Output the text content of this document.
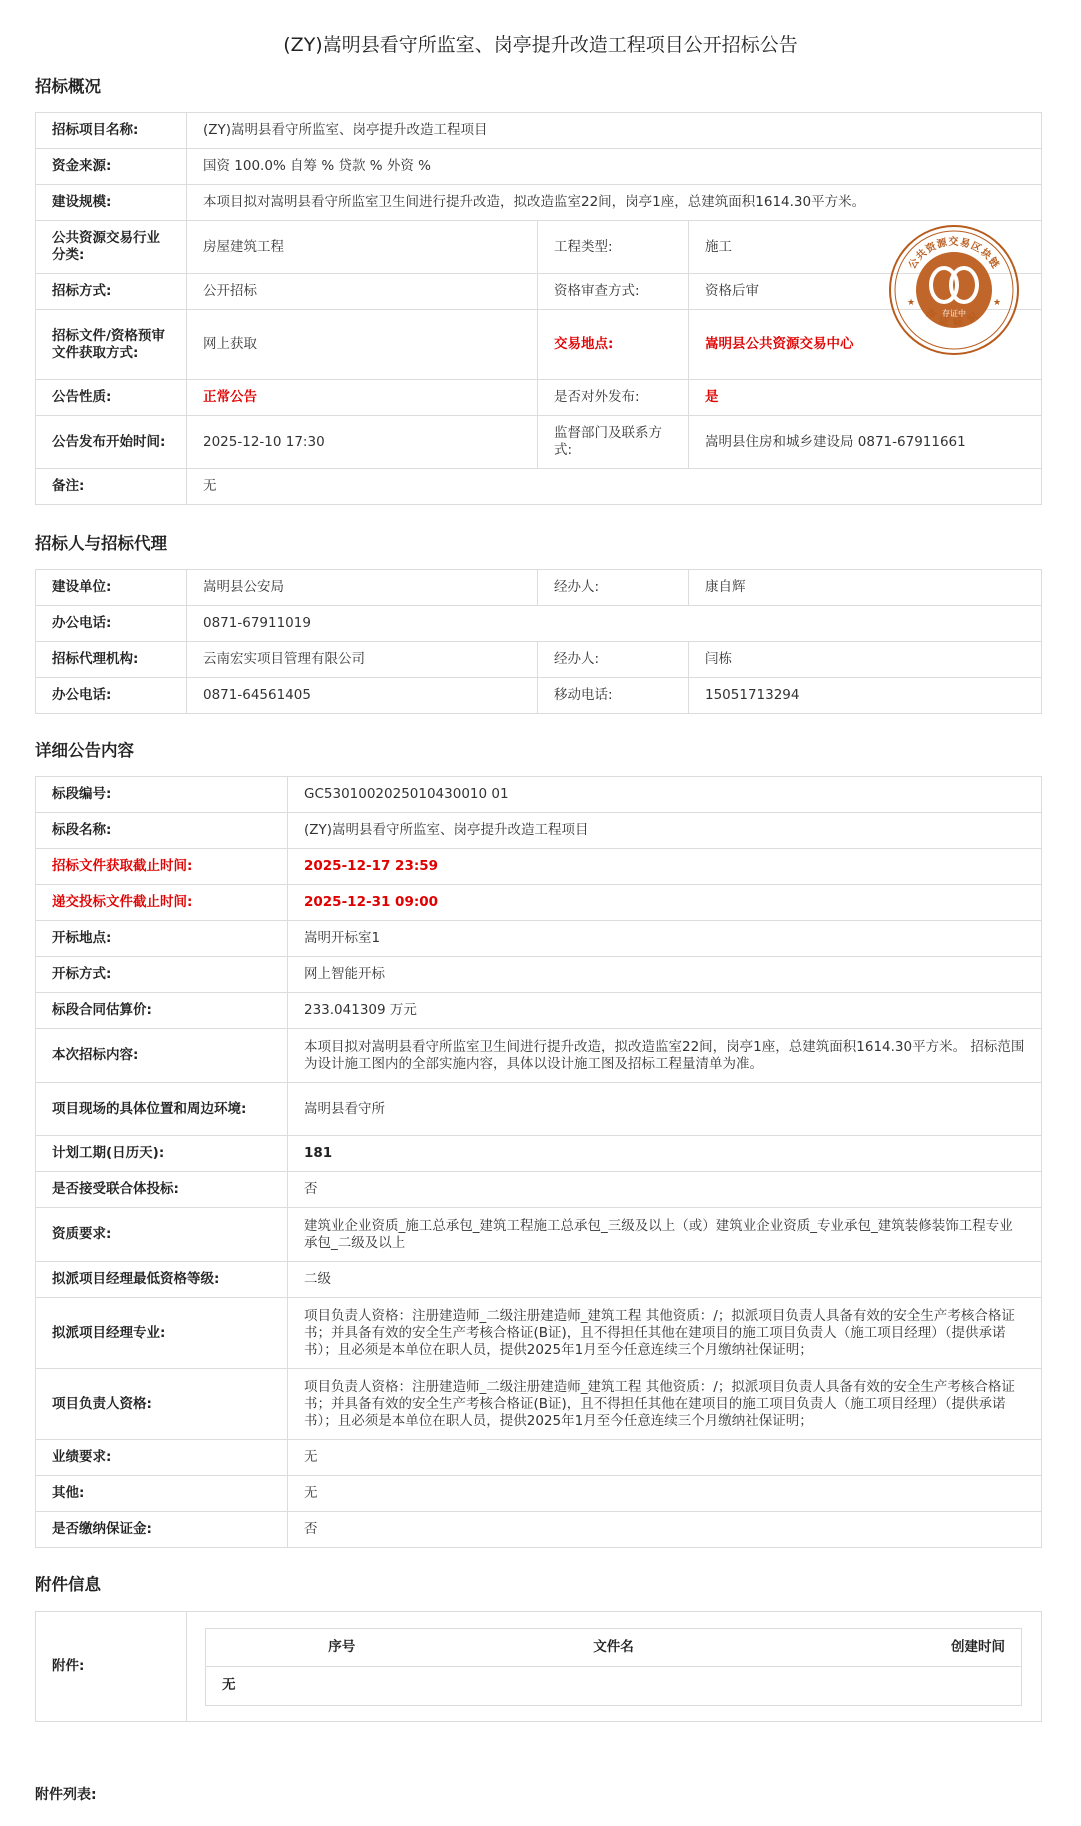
(ZY)嵩明县看守所监室、岗亭提升改造工程项目公开招标公告
招标概况
招标项目名称:	(ZY)嵩明县看守所监室、岗亭提升改造工程项目		
资金来源:	国资 100.0% 自筹 % 贷款 % 外资 %		
建设规模:	本项目拟对嵩明县看守所监室卫生间进行提升改造，拟改造监室22间，岗亭1座，总建筑面积1614.30平方米。		
公共资源交易行业分类:	房屋建筑工程	工程类型:	施工
招标方式:	公开招标	资格审查方式:	资格后审
招标文件/资格预审文件获取方式:	网上获取	交易地点:	嵩明县公共资源交易中心
公告性质:	正常公告	是否对外发布:	是
公告发布开始时间:	2025-12-10 17:30	监督部门及联系方式:	嵩明县住房和城乡建设局 0871-67911661
备注:	无		
存证中
公共资源交易区块链
存证标识
★	★
招标人与招标代理
建设单位:	嵩明县公安局	经办人:	康自辉
办公电话:	0871-67911019		
招标代理机构:	云南宏实项目管理有限公司	经办人:	闫栋
办公电话:	0871-64561405	移动电话:	15051713294
详细公告内容
标段编号:	GC5301002025010430010 01
标段名称:	(ZY)嵩明县看守所监室、岗亭提升改造工程项目
招标文件获取截止时间:	2025-12-17 23:59
递交投标文件截止时间:	2025-12-31 09:00
开标地点:	嵩明开标室1
开标方式:	网上智能开标
标段合同估算价:	233.041309 万元
本次招标内容:	本项目拟对嵩明县看守所监室卫生间进行提升改造，拟改造监室22间，岗亭1座，总建筑面积1614.30平方米。 招标范围为设计施工图内的全部实施内容，具体以设计施工图及招标工程量清单为准。
项目现场的具体位置和周边环境:	嵩明县看守所
计划工期(日历天):	181
是否接受联合体投标:	否
资质要求:	建筑业企业资质_施工总承包_建筑工程施工总承包_三级及以上（或）建筑业企业资质_专业承包_建筑装修装饰工程专业承包_二级及以上
拟派项目经理最低资格等级:	二级
拟派项目经理专业:	项目负责人资格：注册建造师_二级注册建造师_建筑工程 其他资质：/；拟派项目负责人具备有效的安全生产考核合格证书；并具备有效的安全生产考核合格证(B证)，且不得担任其他在建项目的施工项目负责人（施工项目经理）（提供承诺书）；且必须是本单位在职人员，提供2025年1月至今任意连续三个月缴纳社保证明；
项目负责人资格:	项目负责人资格：注册建造师_二级注册建造师_建筑工程 其他资质：/；拟派项目负责人具备有效的安全生产考核合格证书；并具备有效的安全生产考核合格证(B证)，且不得担任其他在建项目的施工项目负责人（施工项目经理）（提供承诺书）；且必须是本单位在职人员，提供2025年1月至今任意连续三个月缴纳社保证明；
业绩要求:	无
其他:	无
是否缴纳保证金:	否
附件信息
附件:	
序号	文件名	创建时间
无
附件列表:
